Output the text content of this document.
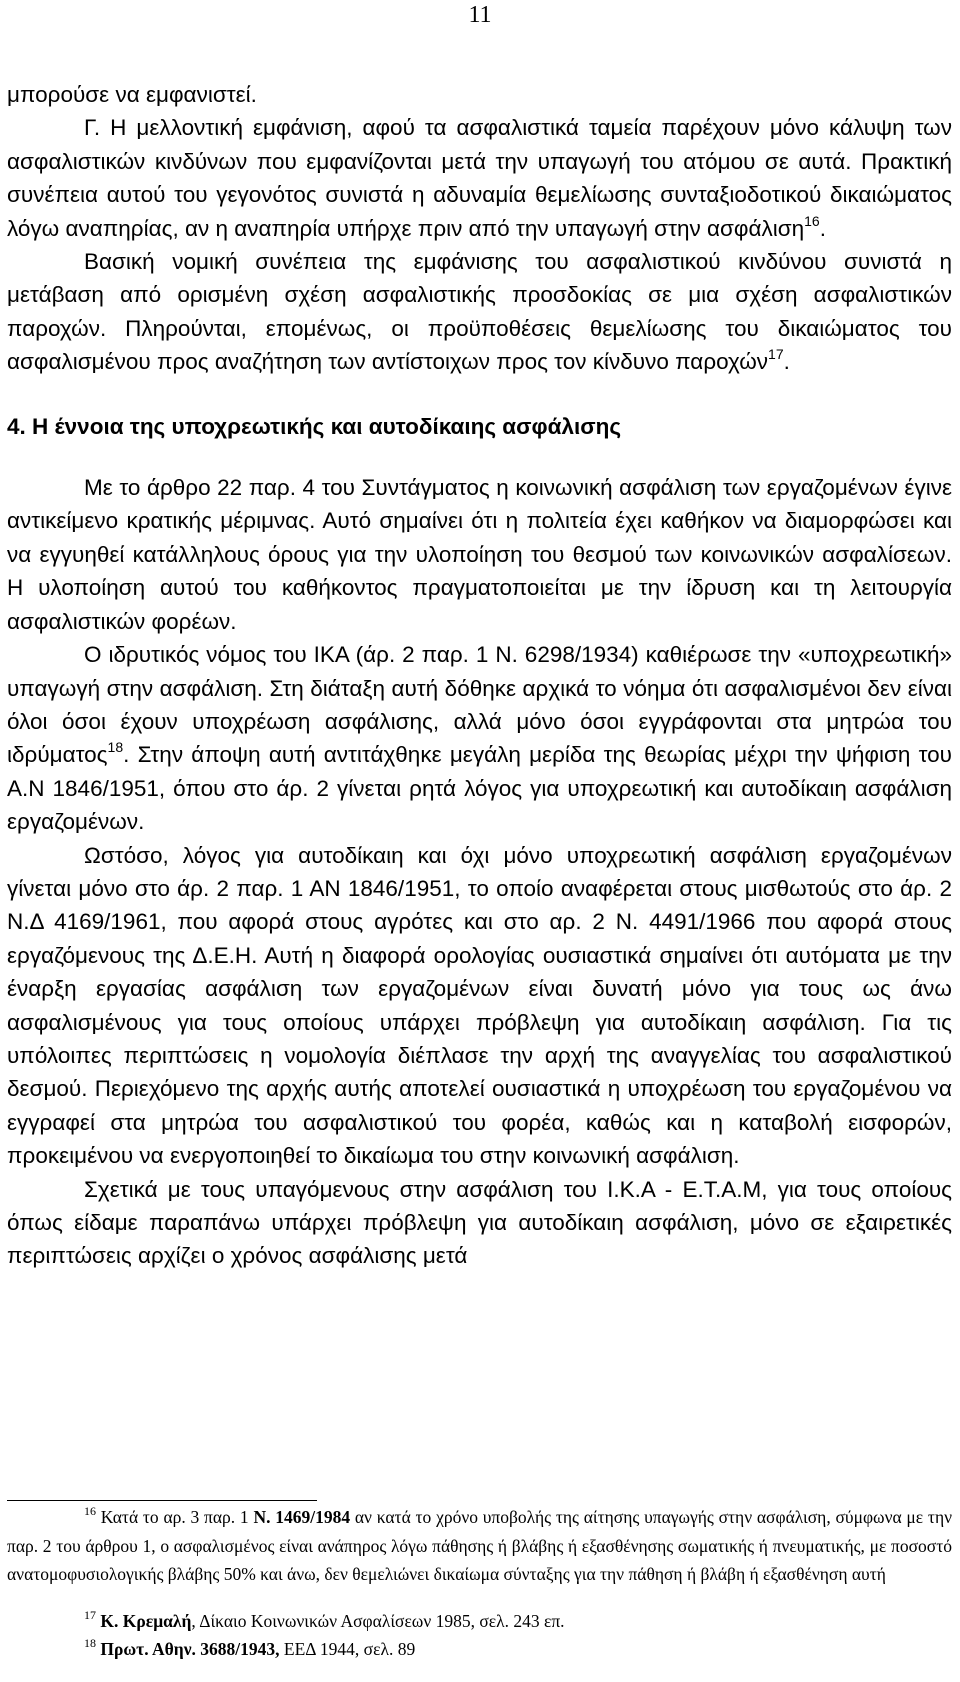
11

μπορούσε να εμφανιστεί.

Γ. Η μελλοντική εμφάνιση, αφού τα ασφαλιστικά ταμεία παρέχουν μόνο κάλυψη των ασφαλιστικών κινδύνων που εμφανίζονται μετά την υπαγωγή του ατόμου σε αυτά. Πρακτική συνέπεια αυτού του γεγονότος συνιστά η αδυναμία θεμελίωσης συνταξιοδοτικού δικαιώματος λόγω αναπηρίας, αν η αναπηρία υπήρχε πριν από την υπαγωγή στην ασφάλιση$^{16}$.

Βασική νομική συνέπεια της εμφάνισης του ασφαλιστικού κινδύνου συνιστά η μετάβαση από ορισμένη σχέση ασφαλιστικής προσδοκίας σε μια σχέση ασφαλιστικών παροχών. Πληρούνται, επομένως, οι προϋποθέσεις θεμελίωσης του δικαιώματος του ασφαλισμένου προς αναζήτηση των αντίστοιχων προς τον κίνδυνο παροχών$^{17}$.

4. Η έννοια της υποχρεωτικής και αυτοδίκαιης ασφάλισης

Με το άρθρο 22 παρ. 4 του Συντάγματος η κοινωνική ασφάλιση των εργαζομένων έγινε αντικείμενο κρατικής μέριμνας. Αυτό σημαίνει ότι η πολιτεία έχει καθήκον να διαμορφώσει και να εγγυηθεί κατάλληλους όρους για την υλοποίηση του θεσμού των κοινωνικών ασφαλίσεων. Η υλοποίηση αυτού του καθήκοντος πραγματοποιείται με την ίδρυση και τη λειτουργία ασφαλιστικών φορέων.

Ο ιδρυτικός νόμος του ΙΚΑ (άρ. 2 παρ. 1 Ν. 6298/1934) καθιέρωσε την «υποχρεωτική» υπαγωγή στην ασφάλιση. Στη διάταξη αυτή δόθηκε αρχικά το νόημα ότι ασφαλισμένοι δεν είναι όλοι όσοι έχουν υποχρέωση ασφάλισης, αλλά μόνο όσοι εγγράφονται στα μητρώα του ιδρύματος$^{18}$. Στην άποψη αυτή αντιτάχθηκε μεγάλη μερίδα της θεωρίας μέχρι την ψήφιση του Α.Ν 1846/1951, όπου στο άρ. 2 γίνεται ρητά λόγος για υποχρεωτική και αυτοδίκαιη ασφάλιση εργαζομένων.

Ωστόσο, λόγος για αυτοδίκαιη και όχι μόνο υποχρεωτική ασφάλιση εργαζομένων γίνεται μόνο στο άρ. 2 παρ. 1 ΑΝ 1846/1951, το οποίο αναφέρεται στους μισθωτούς στο άρ. 2 Ν.Δ 4169/1961, που αφορά στους αγρότες και στο αρ. 2 Ν. 4491/1966 που αφορά στους εργαζόμενους της Δ.Ε.Η. Αυτή η διαφορά ορολογίας ουσιαστικά σημαίνει ότι αυτόματα με την έναρξη εργασίας ασφάλιση των εργαζομένων είναι δυνατή μόνο για τους ως άνω ασφαλισμένους για τους οποίους υπάρχει πρόβλεψη για αυτοδίκαιη ασφάλιση. Για τις υπόλοιπες περιπτώσεις η νομολογία διέπλασε την αρχή της αναγγελίας του ασφαλιστικού δεσμού. Περιεχόμενο της αρχής αυτής αποτελεί ουσιαστικά η υποχρέωση του εργαζομένου να εγγραφεί στα μητρώα του ασφαλιστικού του φορέα, καθώς και η καταβολή εισφορών, προκειμένου να ενεργοποιηθεί το δικαίωμα του στην κοινωνική ασφάλιση.

Σχετικά με τους υπαγόμενους στην ασφάλιση του Ι.Κ.Α - Ε.Τ.Α.Μ, για τους οποίους όπως είδαμε παραπάνω υπάρχει πρόβλεψη για αυτοδίκαιη ασφάλιση, μόνο σε εξαιρετικές περιπτώσεις αρχίζει ο χρόνος ασφάλισης μετά

$^{16}$ Κατά το αρ. 3 παρ. 1 Ν. 1469/1984 αν κατά το χρόνο υποβολής της αίτησης υπαγωγής στην ασφάλιση, σύμφωνα με την παρ. 2 του άρθρου 1, ο ασφαλισμένος είναι ανάπηρος λόγω πάθησης ή βλάβης ή εξασθένησης σωματικής ή πνευματικής, με ποσοστό ανατομοφυσιολογικής βλάβης 50% και άνω, δεν θεμελιώνει δικαίωμα σύνταξης για την πάθηση ή βλάβη ή εξασθένηση αυτή

$^{17}$ Κ. Κρεμαλή, Δίκαιο Κοινωνικών Ασφαλίσεων 1985, σελ. 243 επ.

$^{18}$ Πρωτ. Αθην. 3688/1943, ΕΕΔ 1944, σελ. 89
